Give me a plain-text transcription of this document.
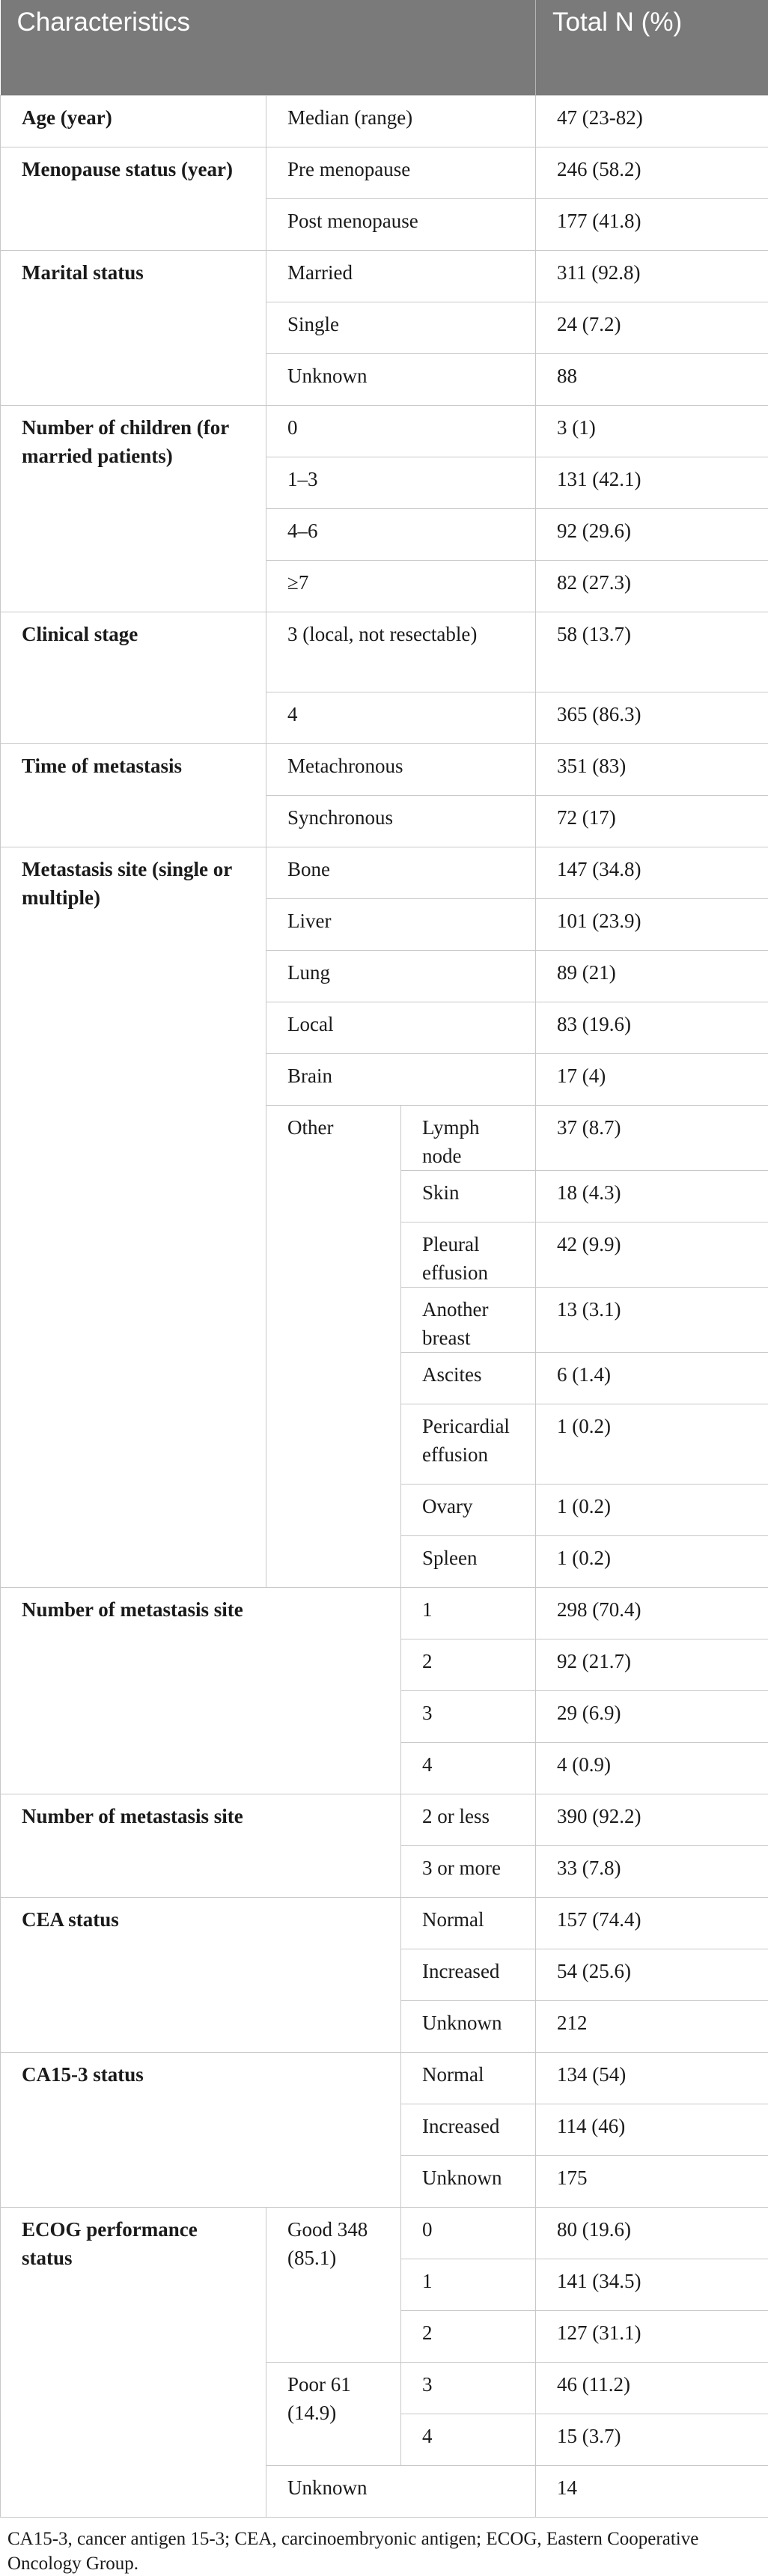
Characteristics			Total N (%)
Age (year)	Median (range)		47 (23-82)
Menopause status (year)	Pre menopause		246 (58.2)
	Post menopause		177 (41.8)
Marital status	Married		311 (92.8)
	Single		24 (7.2)
	Unknown		88
Number of children (for married patients)	0		3 (1)
	1–3		131 (42.1)
	4–6		92 (29.6)
	≥7		82 (27.3)
Clinical stage	3 (local, not resectable)		58 (13.7)
	4		365 (86.3)
Time of metastasis	Metachronous		351 (83)
	Synchronous		72 (17)
Metastasis site (single or multiple)	Bone		147 (34.8)
	Liver		101 (23.9)
	Lung		89 (21)
	Local		83 (19.6)
	Brain		17 (4)
	Other	Lymph node	37 (8.7)
		Skin	18 (4.3)
		Pleural effusion	42 (9.9)
		Another breast	13 (3.1)
		Ascites	6 (1.4)
		Pericardial effusion	1 (0.2)
		Ovary	1 (0.2)
		Spleen	1 (0.2)
Number of metastasis site		1	298 (70.4)
		2	92 (21.7)
		3	29 (6.9)
		4	4 (0.9)
Number of metastasis site		2 or less	390 (92.2)
		3 or more	33 (7.8)
CEA status		Normal	157 (74.4)
		Increased	54 (25.6)
		Unknown	212
CA15-3 status		Normal	134 (54)
		Increased	114 (46)
		Unknown	175
ECOG performance status	Good 348 (85.1)	0	80 (19.6)
		1	141 (34.5)
		2	127 (31.1)
	Poor 61 (14.9)	3	46 (11.2)
		4	15 (3.7)
	Unknown		14
CA15-3, cancer antigen 15-3; CEA, carcinoembryonic antigen; ECOG, Eastern Cooperative Oncology Group.
